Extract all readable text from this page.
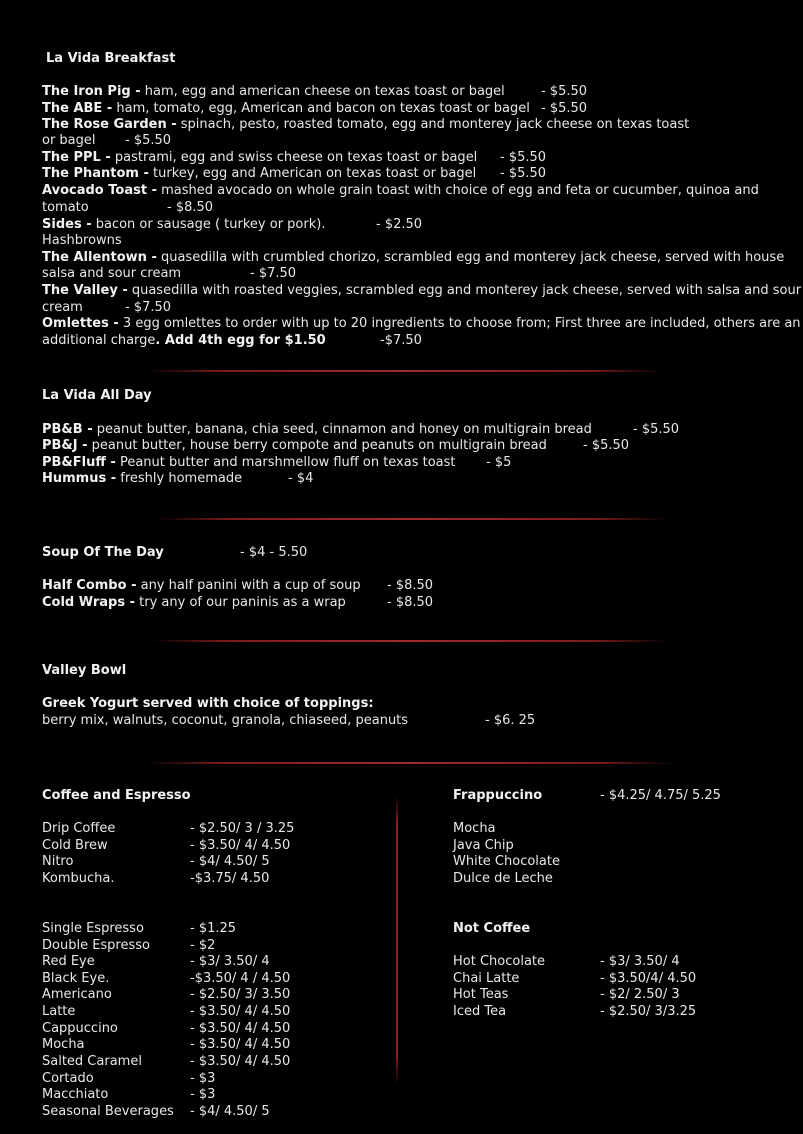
La Vida Breakfast
The Iron Pig - ham, egg and american cheese on texas toast or bagel	- $5.50
The ABE - ham, tomato, egg, American and bacon on texas toast or bagel - $5.50
The Rose Garden - spinach, pesto, roasted tomato, egg and monterey jack cheese on texas toast
or bagel - $5.50
The PPL - pastrami, egg and swiss cheese on texas toast or bagel - $5.50
The Phantom - turkey, egg and American on texas toast or bagel - $5.50
Avocado Toast - mashed avocado on whole grain toast with choice of egg and feta or cucumber, quinoa and
tomato	- $8.50
Sides - bacon or sausage ( turkey or pork).	- $2.50
Hashbrowns
The Allentown - quasedilla with crumbled chorizo, scrambled egg and monterey jack cheese, served with house
salsa and sour cream	- $7.50
The Valley - quasedilla with roasted veggies, scrambled egg and monterey jack cheese, served with salsa and sour
cream	- $7.50
Omlettes - 3 egg omlettes to order with up to 20 ingredients to choose from; First three are included, others are an
additional charge. Add 4th egg for $1.50	-$7.50
La Vida All Day
PB&B - peanut butter, banana, chia seed, cinnamon and honey on multigrain bread	- $5.50
PB&J - peanut butter, house berry compote and peanuts on multigrain bread	- $5.50
PB&Fluff - Peanut butter and marshmellow fluff on texas toast - $5
Hummus - freshly homemade	- $4
Soup Of The Day	- $4 - 5.50
Half Combo - any half panini with a cup of soup - $8.50
Cold Wraps - try any of our paninis as a wrap	- $8.50
Valley Bowl
Greek Yogurt served with choice of toppings:
berry mix, walnuts, coconut, granola, chiaseed, peanuts	- $6. 25
Coffee and Espresso
Drip Coffee	- $2.50/ 3 / 3.25
Cold Brew	- $3.50/ 4/ 4.50
Nitro	- $4/ 4.50/ 5
Kombucha.	-$3.75/ 4.50
Single Espresso	- $1.25
Double Espresso	- $2
Red Eye	- $3/ 3.50/ 4
Black Eye.	-$3.50/ 4 / 4.50
Americano	- $2.50/ 3/ 3.50
Latte	- $3.50/ 4/ 4.50
Cappuccino	- $3.50/ 4/ 4.50
Mocha	- $3.50/ 4/ 4.50
Salted Caramel	- $3.50/ 4/ 4.50
Cortado	- $3
Macchiato	- $3
Seasonal Beverages - $4/ 4.50/ 5
Frappuccino	- $4.25/ 4.75/ 5.25
Mocha
Java Chip
White Chocolate
Dulce de Leche
Not Coffee
Hot Chocolate	- $3/ 3.50/ 4
Chai Latte	- $3.50/4/ 4.50
Hot Teas	- $2/ 2.50/ 3
Iced Tea	- $2.50/ 3/3.25
